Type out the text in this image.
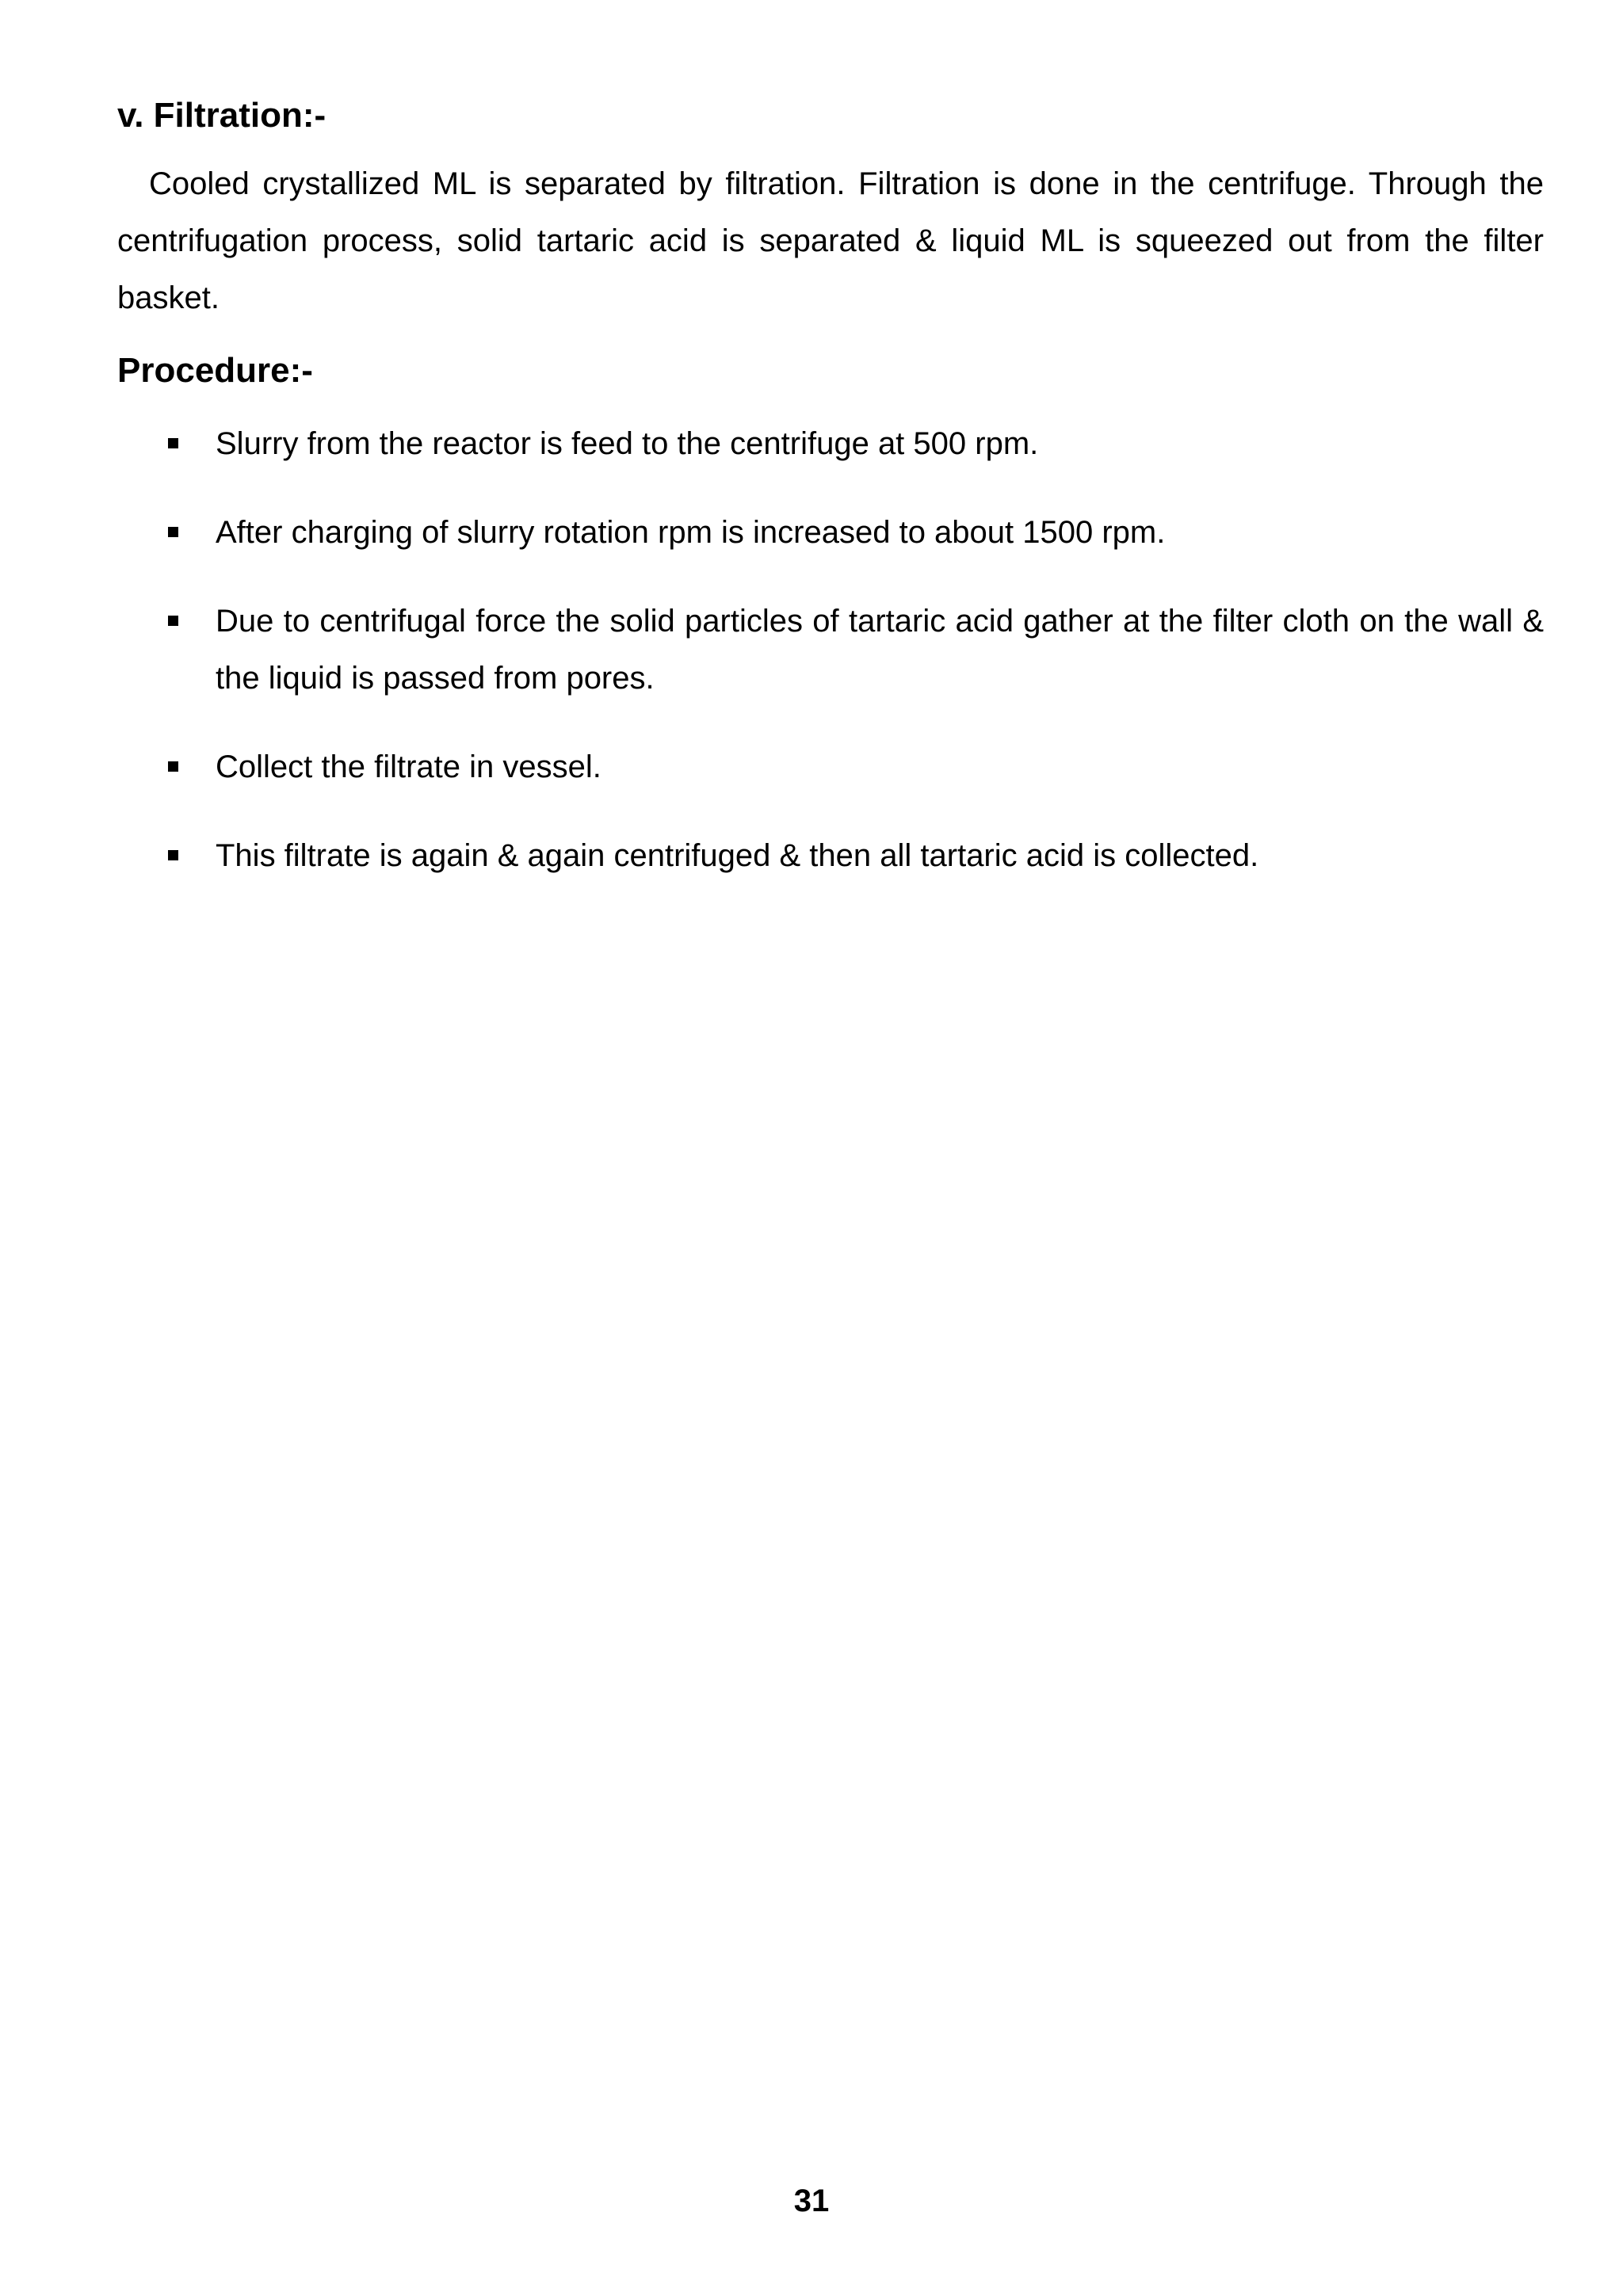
v. Filtration:-

Cooled crystallized ML is separated by filtration. Filtration is done in the centrifuge. Through the centrifugation process, solid tartaric acid is separated & liquid ML is squeezed out from the filter basket.

Procedure:-
Slurry from the reactor is feed to the centrifuge at 500 rpm.
After charging of slurry rotation rpm is increased to about 1500 rpm.
Due to centrifugal force the solid particles of tartaric acid gather at the filter cloth on the wall & the liquid is passed from pores.
Collect the filtrate in vessel.
This filtrate is again & again centrifuged & then all tartaric acid is collected.
31
